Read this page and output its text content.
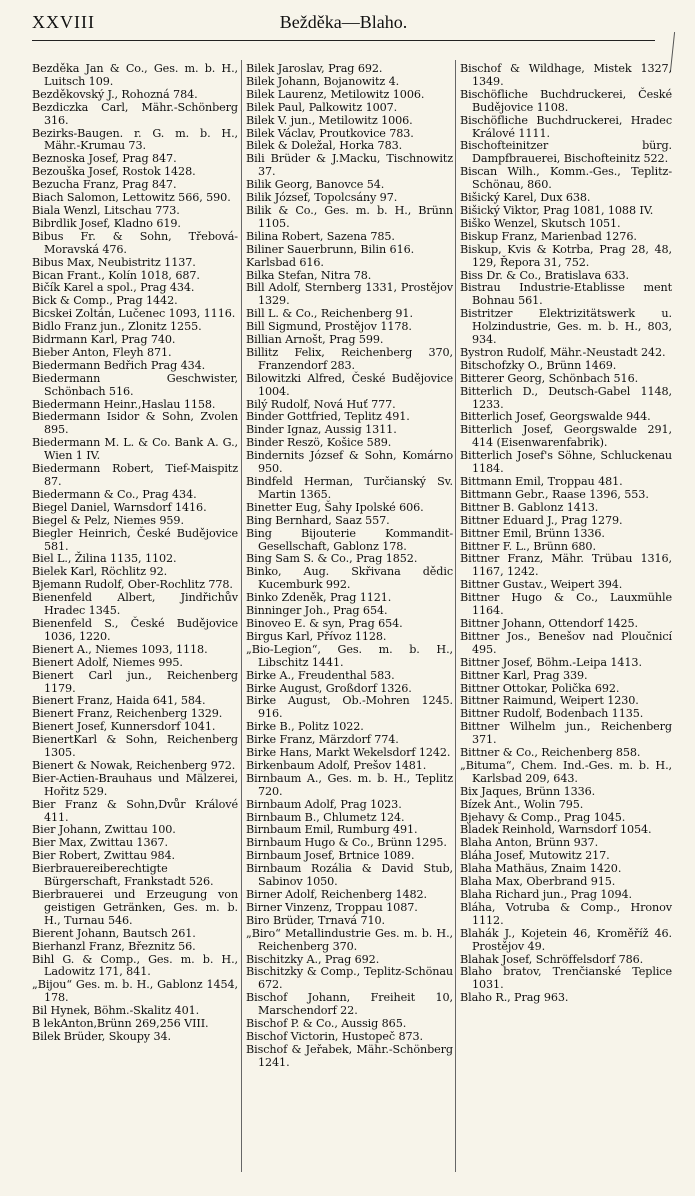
XXVIII	Bežděka—Blaho.

Bezděka Jan & Co., Ges. m. b. H., Luitsch 109.

Bezděkovský J., Rohozná 784.

Bezdiczka Carl, Mähr.-Schönberg 316.

Bezirks-Baugen. r. G. m. b. H., Mähr.-Krumau 73.

Beznoska Josef, Prag 847.

Bezouška Josef, Rostok 1428.

Bezucha Franz, Prag 847.

Biach Salomon, Lettowitz 566, 590.

Biala Wenzl, Litschau 773.

Bibrdlik Josef, Kladno 619.

Bibus Fr. & Sohn, Třebová-Moravská 476.

Bibus Max, Neubistritz 1137.

Bican Frant., Kolín 1018, 687.

Bičík Karel a spol., Prag 434.

Bick & Comp., Prag 1442.

Bicskei Zoltán, Lučenec 1093, 1116.

Bidlo Franz jun., Zlonitz 1255.

Bidrmann Karl, Prag 740.

Bieber Anton, Fleyh 871.

Biedermann Bedřich Prag 434.

Biedermann Geschwister, Schönbach 516.

Biedermann Heinr.,Haslau 1158.

Biedermann Isidor & Sohn, Zvolen 895.

Biedermann M. L. & Co. Bank A. G., Wien 1 IV.

Biedermann Robert, Tief-Maispitz 87.

Biedermann & Co., Prag 434.

Biegel Daniel, Warnsdorf 1416.

Biegel & Pelz, Niemes 959.

Biegler Heinrich, České Budějovice 581.

Biel L., Žilina 1135, 1102.

Bielek Karl, Röchlitz 92.

Bjemann Rudolf, Ober-Rochlitz 778.

Bienenfeld Albert, Jindřichův Hradec 1345.

Bienenfeld S., České Budějovice 1036, 1220.

Bienert A., Niemes 1093, 1118.

Bienert Adolf, Niemes 995.

Bienert Carl jun., Reichenberg 1179.

Bienert Franz, Haida 641, 584.

Bienert Franz, Reichenberg 1329.

Bienert Josef, Kunnersdorf 1041.

BienertKarl & Sohn, Reichenberg 1305.

Bienert & Nowak, Reichenberg 972.

Bier-Actien-Brauhaus und Mälzerei, Hořitz 529.

Bier Franz & Sohn,Dvůr Králové 411.

Bier Johann, Zwittau 100.

Bier Max, Zwittau 1367.

Bier Robert, Zwittau 984.

Bierbrauereiberechtigte Bürgerschaft, Frankstadt 526.

Bierbrauerei und Erzeugung von geistigen Getränken, Ges. m. b. H., Turnau 546.

Bierent Johann, Bautsch 261.

Bierhanzl Franz, Březnitz 56.

Bihl G. & Comp., Ges. m. b. H., Ladowitz 171, 841.

„Bijou“ Ges. m. b. H., Gablonz 1454, 178.

Bil Hynek, Böhm.-Skalitz 401.

B lekAnton,Brünn 269,256 VIII.

Bilek Brüder, Skoupy 34.

Bilek Jaroslav, Prag 692.

Bilek Johann, Bojanowitz 4.

Bilek Laurenz, Metilowitz 1006.

Bilek Paul, Palkowitz 1007.

Bilek V. jun., Metilowitz 1006.

Bilek Václav, Proutkovice 783.

Bilek & Doležal, Horka 783.

Bili Brüder & J.Macku, Tischnowitz 37.

Bilik Georg, Banovce 54.

Bilik József, Topolcsány 97.

Bilik & Co., Ges. m. b. H., Brünn 1105.

Bilina Robert, Sazena 785.

Biliner Sauerbrunn, Bilin 616.

Karlsbad 616.

Bilka Stefan, Nitra 78.

Bill Adolf, Sternberg 1331, Prostějov 1329.

Bill L. & Co., Reichenberg 91.

Bill Sigmund, Prostějov 1178.

Billian Arnošt, Prag 599.

Billitz Felix, Reichenberg 370, Franzendorf 283.

Bilowitzki Alfred, České Budějovice 1004.

Bilý Rudolf, Nová Huť 777.

Binder Gottfried, Teplitz 491.

Binder Ignaz, Aussig 1311.

Binder Reszö, Košice 589.

Bindernits József & Sohn, Komárno 950.

Bindfeld Herman, Turčianský Sv. Martin 1365.

Binetter Eug, Šahy Ipolské 606.

Bing Bernhard, Saaz 557.

Bing Bijouterie Kommandit-Gesellschaft, Gablonz 178.

Bing Sam S. & Co., Prag 1852.

Binko, Aug. Skřivana dědic Kucemburk 992.

Binko Zdeněk, Prag 1121.

Binninger Joh., Prag 654.

Binoveo E. & syn, Prag 654.

Birgus Karl, Přívoz 1128.

„Bio-Legion“, Ges. m. b. H., Libschitz 1441.

Birke A., Freudenthal 583.

Birke August, Großdorf 1326.

Birke August, Ob.-Mohren 1245. 916.

Birke B., Politz 1022.

Birke Franz, Märzdorf 774.

Birke Hans, Markt Wekelsdorf 1242.

Birkenbaum Adolf, Prešov 1481.

Birnbaum A., Ges. m. b. H., Teplitz 720.

Birnbaum Adolf, Prag 1023.

Birnbaum B., Chlumetz 124.

Birnbaum Emil, Rumburg 491.

Birnbaum Hugo & Co., Brünn 1295.

Birnbaum Josef, Brtnice 1089.

Birnbaum Rozália & David Stub, Sabinov 1050.

Birner Adolf, Reichenberg 1482.

Birner Vinzenz, Troppau 1087.

Biro Brüder, Trnavá 710.

„Biro“ Metallindustrie Ges. m. b. H., Reichenberg 370.

Bischitzky A., Prag 692.

Bischitzky & Comp., Teplitz-Schönau 672.

Bischof Johann, Freiheit 10, Marschendorf 22.

Bischof P. & Co., Aussig 865.

Bischof Victorin, Hustopeč 873.

Bischof & Jeřabek, Mähr.-Schönberg 1241.

Bischof & Wildhage, Mistek 1327, 1349.

Bischöfliche Buchdruckerei, České Budějovice 1108.

Bischöfliche Buchdruckerei, Hradec Králové 1111.

Bischofteinitzer bürg. Dampfbrauerei, Bischofteinitz 522.

Biscan Wilh., Komm.-Ges., Teplitz-Schönau, 860.

Bišický Karel, Dux 638.

Bišický Viktor, Prag 1081, 1088 IV.

Biško Wenzel, Skutsch 1051.

Biskup Franz, Marienbad 1276.

Biskup, Kvis & Kotrba, Prag 28, 48, 129, Řepora 31, 752.

Biss Dr. & Co., Bratislava 633.

Bistrau Industrie-Etablisse ment Bohnau 561.

Bistritzer Elektrizitätswerk u. Holzindustrie, Ges. m. b. H., 803, 934.

Bystron Rudolf, Mähr.-Neustadt 242.

Bitschofzky O., Brünn 1469.

Bitterer Georg, Schönbach 516.

Bitterlich D., Deutsch-Gabel 1148, 1233.

Bitterlich Josef, Georgswalde 944.

Bitterlich Josef, Georgswalde 291, 414 (Eisenwarenfabrik).

Bitterlich Josef's Söhne, Schluckenau 1184.

Bittmann Emil, Troppau 481.

Bittmann Gebr., Raase 1396, 553.

Bittner B. Gablonz 1413.

Bittner Eduard J., Prag 1279.

Bittner Emil, Brünn 1336.

Bittner F. L., Brünn 680.

Bittner Franz, Mähr. Trübau 1316, 1167, 1242.

Bittner Gustav., Weipert 394.

Bittner Hugo & Co., Lauxmühle 1164.

Bittner Johann, Ottendorf 1425.

Bittner Jos., Benešov nad Ploučnicí 495.

Bittner Josef, Böhm.-Leipa 1413.

Bittner Karl, Prag 339.

Bittner Ottokar, Polička 692.

Bittner Raimund, Weipert 1230.

Bittner Rudolf, Bodenbach 1135.

Bittner Wilhelm jun., Reichenberg 371.

Bittner & Co., Reichenberg 858.

„Bituma“, Chem. Ind.-Ges. m. b. H., Karlsbad 209, 643.

Bix Jaques, Brünn 1336.

Bízek Ant., Wolin 795.

Bjehavy & Comp., Prag 1045.

Bladek Reinhold, Warnsdorf 1054.

Blaha Anton, Brünn 937.

Bláha Josef, Mutowitz 217.

Blaha Mathäus, Znaim 1420.

Blaha Max, Oberbrand 915.

Blaha Richard jun., Prag 1094.

Bláha, Votruba & Comp., Hronov 1112.

Blahák J., Kojetein 46, Kroměříž 46. Prostějov 49.

Blahak Josef, Schröffelsdorf 786.

Blaho bratov, Trenčianské Teplice 1031.

Blaho R., Prag 963.
